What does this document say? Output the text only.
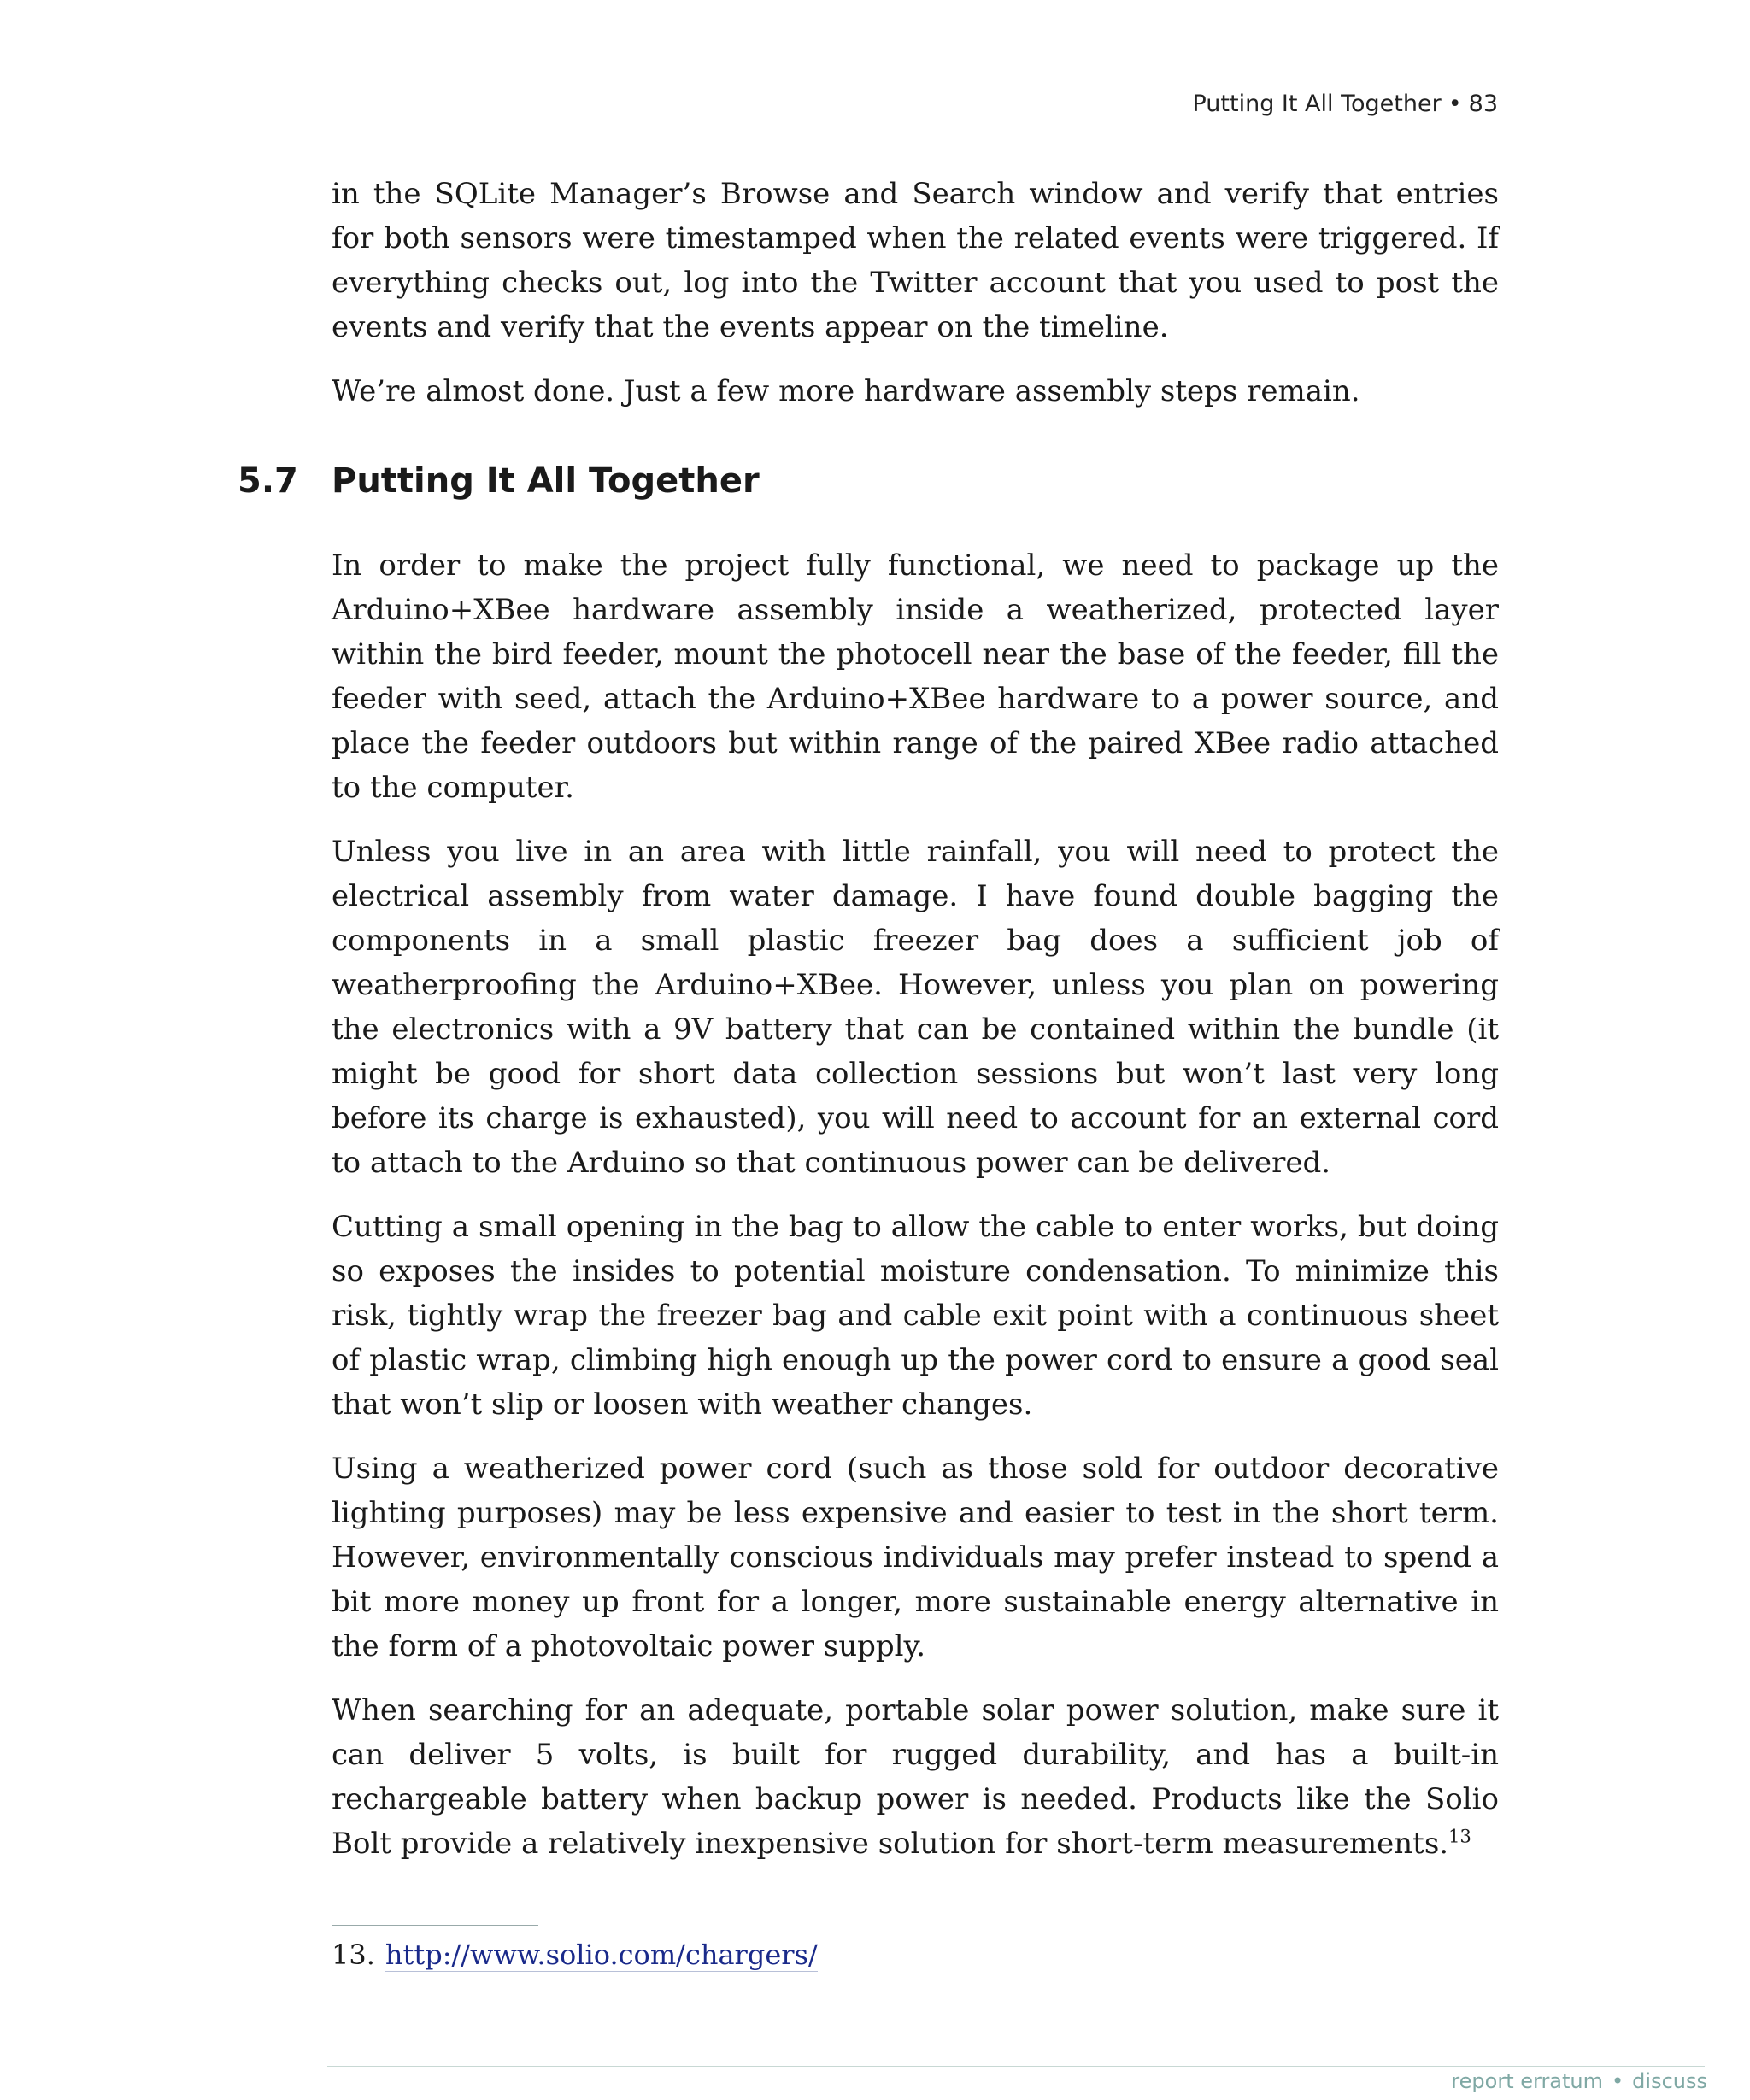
Putting It All Together • 83

in the SQLite Manager’s Browse and Search window and verify that entries for both sensors were timestamped when the related events were triggered. If everything checks out, log into the Twitter account that you used to post the events and verify that the events appear on the timeline.

We’re almost done. Just a few more hardware assembly steps remain.

5.7 Putting It All Together

In order to make the project fully functional, we need to package up the Arduino+XBee hardware assembly inside a weatherized, protected layer within the bird feeder, mount the photocell near the base of the feeder, fill the feeder with seed, attach the Arduino+XBee hardware to a power source, and place the feeder outdoors but within range of the paired XBee radio attached to the computer.

Unless you live in an area with little rainfall, you will need to protect the electrical assembly from water damage. I have found double bagging the components in a small plastic freezer bag does a sufficient job of weatherproofing the Arduino+XBee. However, unless you plan on powering the electronics with a 9V battery that can be contained within the bundle (it might be good for short data collection sessions but won’t last very long before its charge is exhausted), you will need to account for an external cord to attach to the Arduino so that continuous power can be delivered.

Cutting a small opening in the bag to allow the cable to enter works, but doing so exposes the insides to potential moisture condensation. To minimize this risk, tightly wrap the freezer bag and cable exit point with a continuous sheet of plastic wrap, climbing high enough up the power cord to ensure a good seal that won’t slip or loosen with weather changes.

Using a weatherized power cord (such as those sold for outdoor decorative lighting purposes) may be less expensive and easier to test in the short term. However, environmentally conscious individuals may prefer instead to spend a bit more money up front for a longer, more sustainable energy alternative in the form of a photovoltaic power supply.

When searching for an adequate, portable solar power solution, make sure it can deliver 5 volts, is built for rugged durability, and has a built-in rechargeable battery when backup power is needed. Products like the Solio Bolt provide a relatively inexpensive solution for short-term measurements.$^{13}$

13. http://www.solio.com/chargers/
report erratum • discuss
